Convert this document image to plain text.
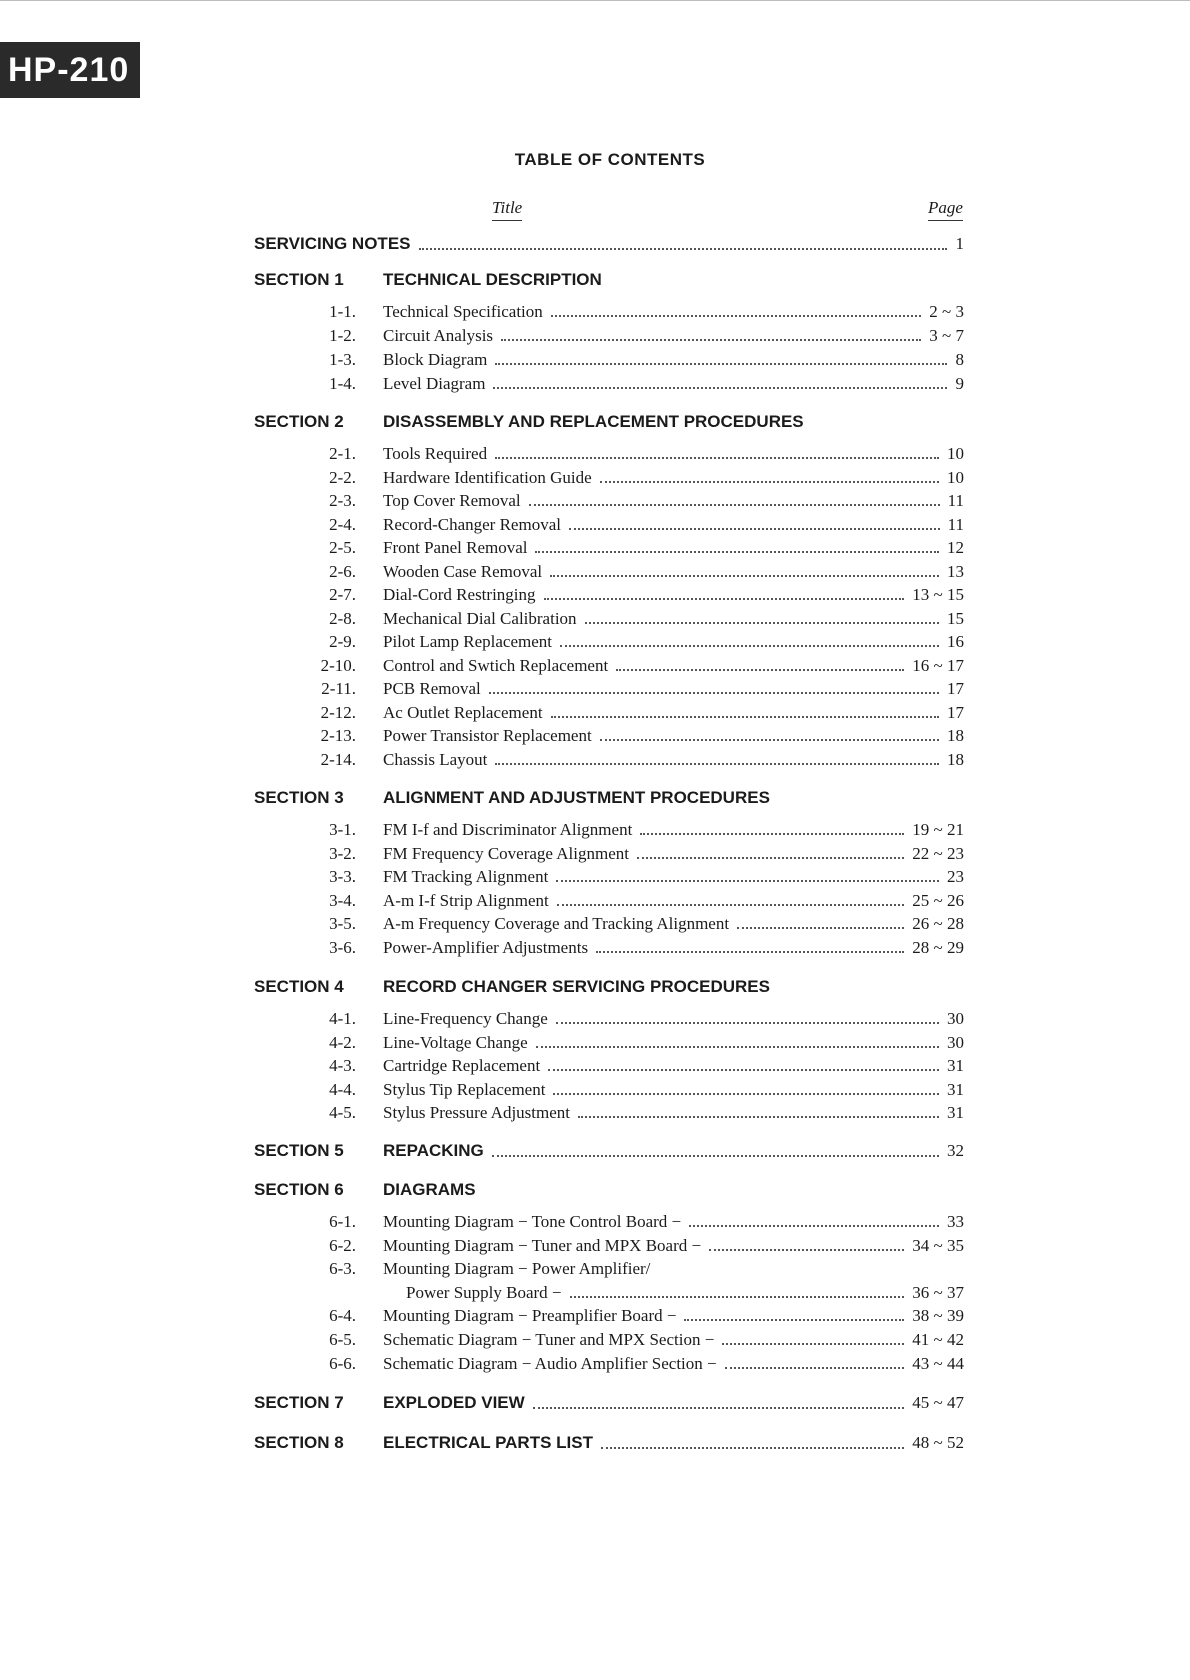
HP-210
TABLE OF CONTENTS
Title	Page
SERVICING NOTES	1
SECTION 1 TECHNICAL DESCRIPTION
1-1. Technical Specification	2 ~ 3
1-2. Circuit Analysis	3 ~ 7
1-3. Block Diagram	8
1-4. Level Diagram	9
SECTION 2 DISASSEMBLY AND REPLACEMENT PROCEDURES
2-1. Tools Required	10
2-2. Hardware Identification Guide	10
2-3. Top Cover Removal	11
2-4. Record-Changer Removal	11
2-5. Front Panel Removal	12
2-6. Wooden Case Removal	13
2-7. Dial-Cord Restringing	13 ~ 15
2-8. Mechanical Dial Calibration	15
2-9. Pilot Lamp Replacement	16
2-10. Control and Swtich Replacement	16 ~ 17
2-11. PCB Removal	17
2-12. Ac Outlet Replacement	17
2-13. Power Transistor Replacement	18
2-14. Chassis Layout	18
SECTION 3 ALIGNMENT AND ADJUSTMENT PROCEDURES
3-1. FM I-f and Discriminator Alignment	19 ~ 21
3-2. FM Frequency Coverage Alignment	22 ~ 23
3-3. FM Tracking Alignment	23
3-4. A-m I-f Strip Alignment	25 ~ 26
3-5. A-m Frequency Coverage and Tracking Alignment	26 ~ 28
3-6. Power-Amplifier Adjustments	28 ~ 29
SECTION 4 RECORD CHANGER SERVICING PROCEDURES
4-1. Line-Frequency Change	30
4-2. Line-Voltage Change	30
4-3. Cartridge Replacement	31
4-4. Stylus Tip Replacement	31
4-5. Stylus Pressure Adjustment	31
SECTION 5 REPACKING	32
SECTION 6 DIAGRAMS
6-1. Mounting Diagram − Tone Control Board −	33
6-2. Mounting Diagram − Tuner and MPX Board −	34 ~ 35
6-3. Mounting Diagram − Power Amplifier/
Power Supply Board −	36 ~ 37
6-4. Mounting Diagram − Preamplifier Board −	38 ~ 39
6-5. Schematic Diagram − Tuner and MPX Section −	41 ~ 42
6-6. Schematic Diagram − Audio Amplifier Section −	43 ~ 44
SECTION 7 EXPLODED VIEW	45 ~ 47
SECTION 8 ELECTRICAL PARTS LIST	48 ~ 52
